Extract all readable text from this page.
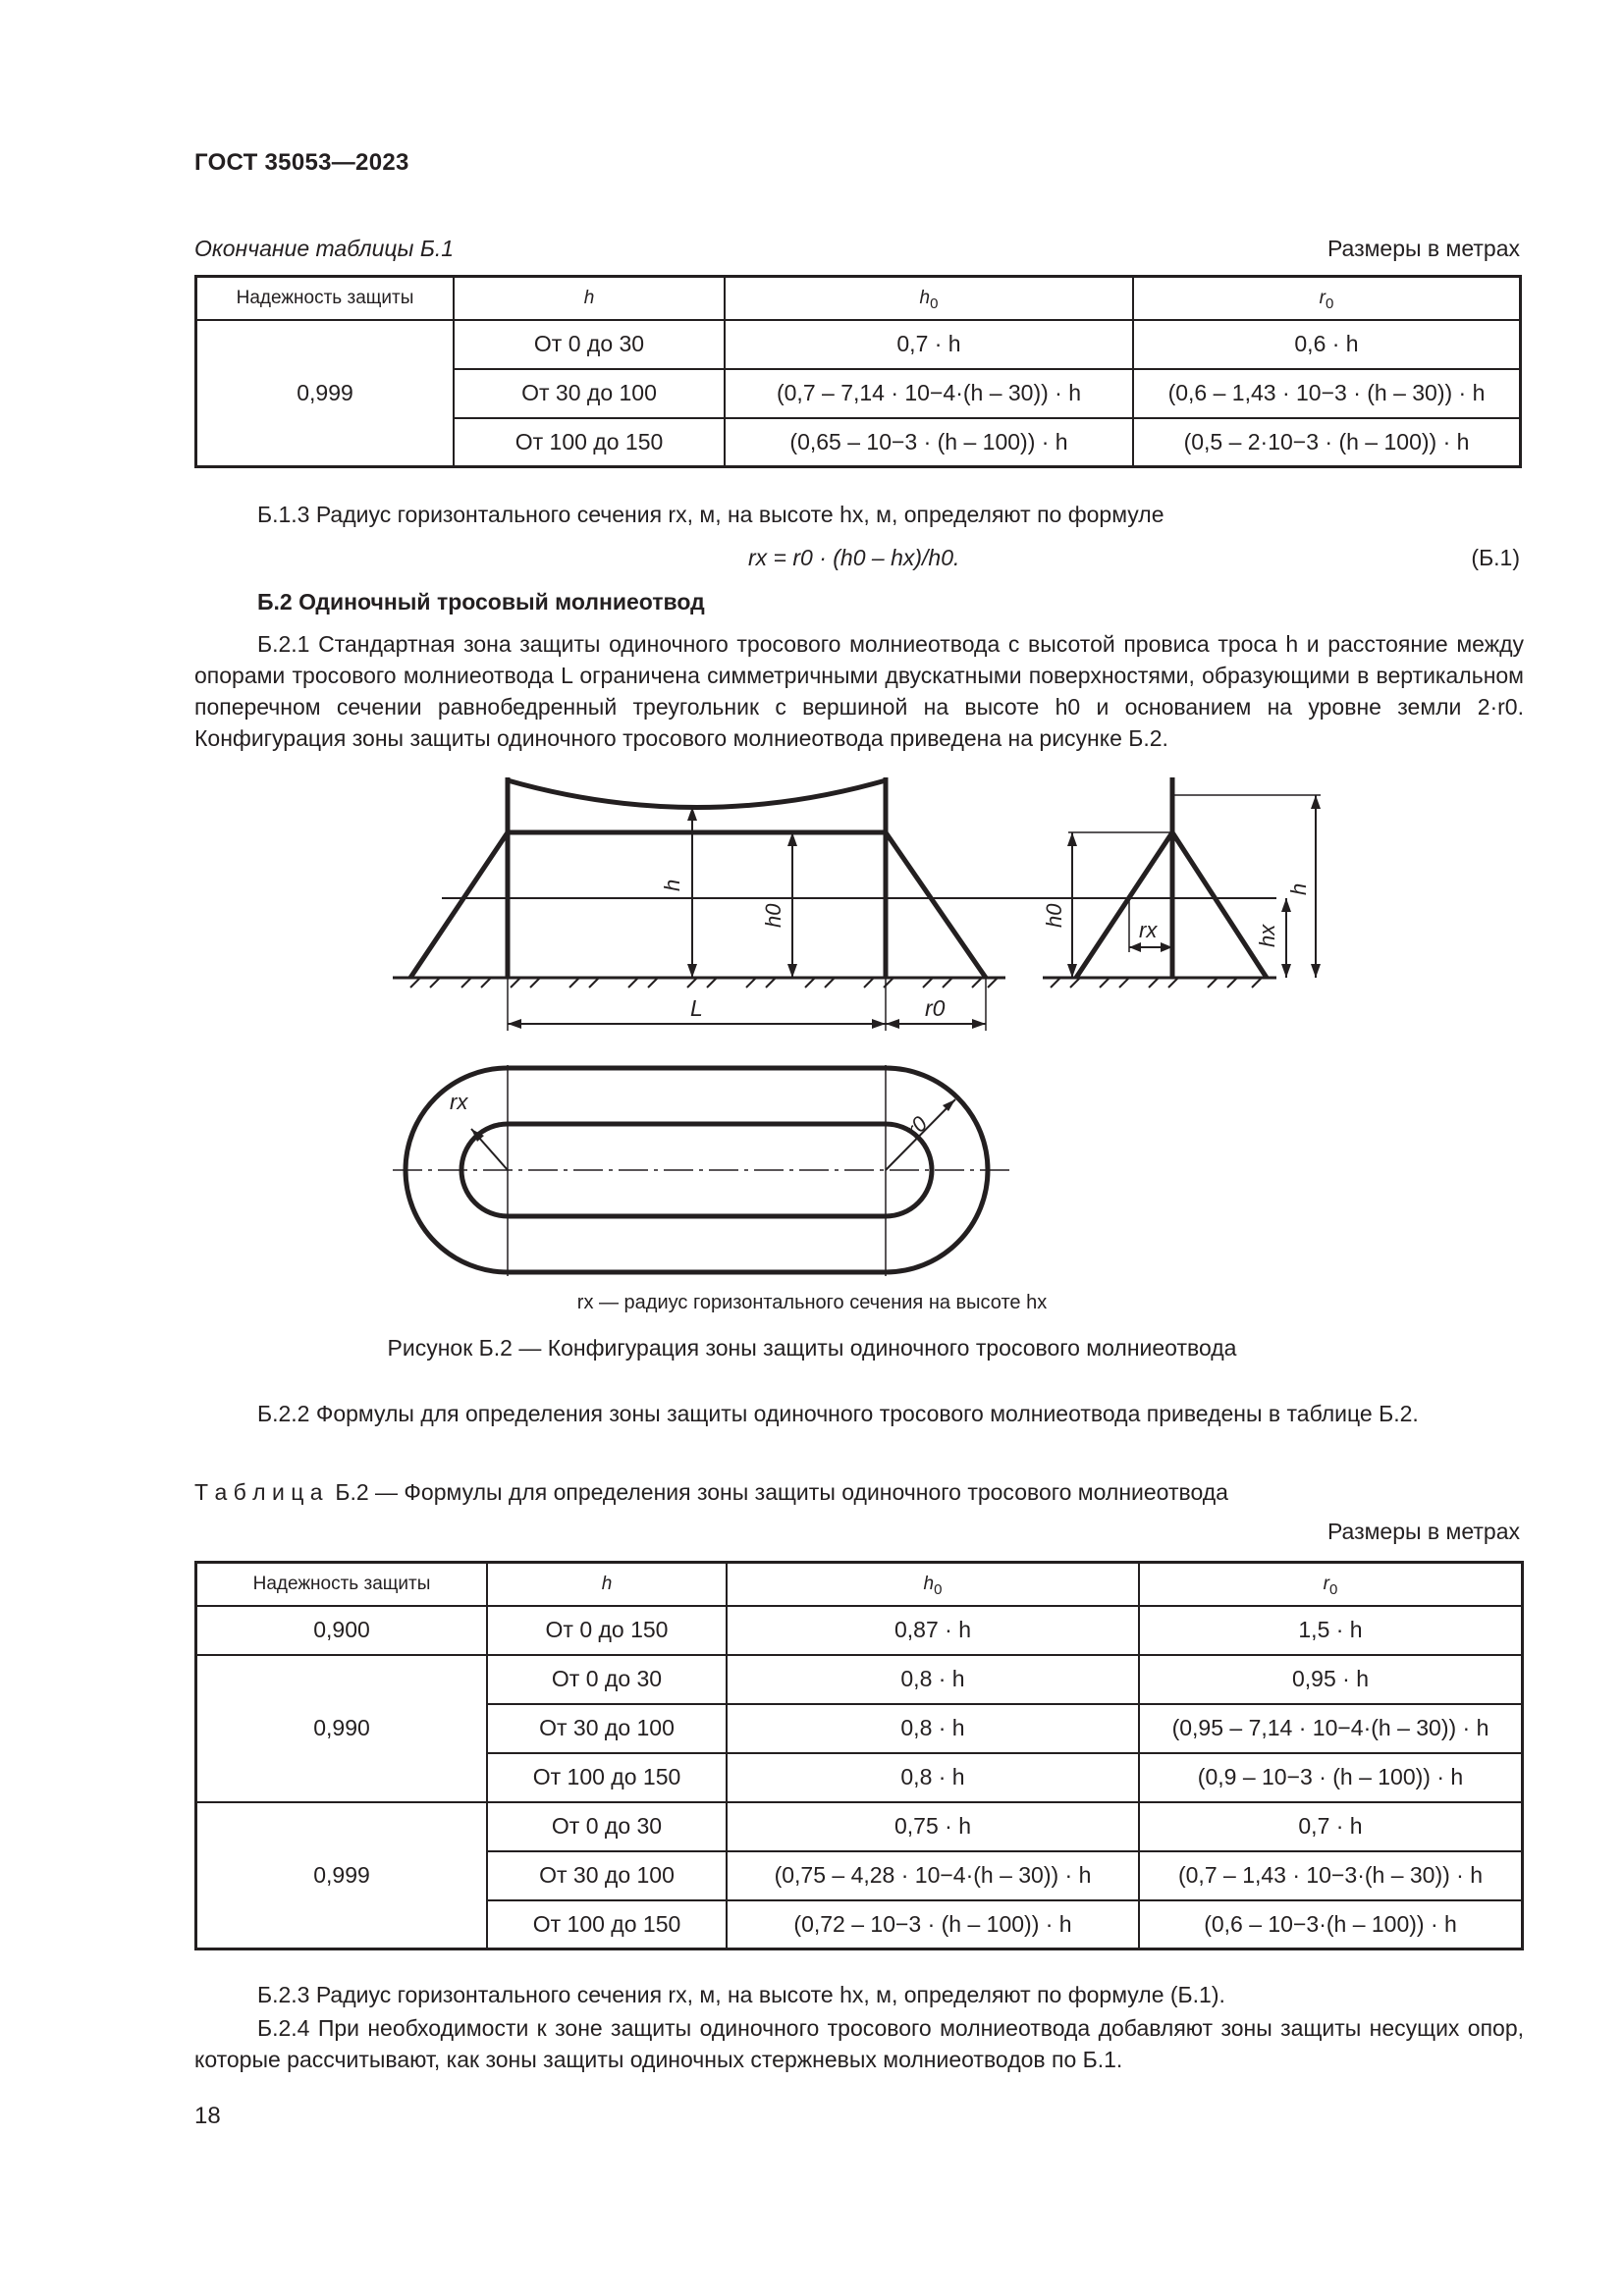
ГОСТ 35053—2023
Окончание таблицы Б.1	Размеры в метрах
Надежность защиты	h	$h_0$	$r_0$
0,999	От 0 до 30	0,7 · h	0,6 · h
	От 30 до 100	(0,7 – 7,14 · 10−4·(h – 30)) · h	(0,6 – 1,43 · 10−3 · (h – 30)) · h
	От 100 до 150	(0,65 – 10−3 · (h – 100)) · h	(0,5 – 2·10−3 · (h – 100)) · h
Б.1.3 Радиус горизонтального сечения rx, м, на высоте hx, м, определяют по формуле
rx = r0 · (h0 – hx)/h0.	(Б.1)
Б.2 Одиночный тросовый молниеотвод
Б.2.1 Стандартная зона защиты одиночного тросового молниеотвода с высотой провиса троса h и расстояние между опорами тросового молниеотвода L ограничена симметричными двускатными поверхностями, образующими в вертикальном поперечном сечении равнобедренный треугольник с вершиной на высоте h0 и основанием на уровне земли 2·r0. Конфигурация зоны защиты одиночного тросового молниеотвода приведена на рисунке Б.2.
h
h0
L	r0
h0
rx	hx
h
rx
r0
rx — радиус горизонтального сечения на высоте hx
Рисунок Б.2 — Конфигурация зоны защиты одиночного тросового молниеотвода
Б.2.2 Формулы для определения зоны защиты одиночного тросового молниеотвода приведены в таблице Б.2.
Т а б л и ц а Б.2 — Формулы для определения зоны защиты одиночного тросового молниеотвода
Размеры в метрах
Надежность защиты	h	$h_0$	$r_0$
0,900	От 0 до 150	0,87 · h	1,5 · h
0,990	От 0 до 30	0,8 · h	0,95 · h
	От 30 до 100	0,8 · h	(0,95 – 7,14 · 10−4·(h – 30)) · h
	От 100 до 150	0,8 · h	(0,9 – 10−3 · (h – 100)) · h
0,999	От 0 до 30	0,75 · h	0,7 · h
	От 30 до 100	(0,75 – 4,28 · 10−4·(h – 30)) · h	(0,7 – 1,43 · 10−3·(h – 30)) · h
	От 100 до 150	(0,72 – 10−3 · (h – 100)) · h	(0,6 – 10−3·(h – 100)) · h
Б.2.3 Радиус горизонтального сечения rx, м, на высоте hx, м, определяют по формуле (Б.1).
Б.2.4 При необходимости к зоне защиты одиночного тросового молниеотвода добавляют зоны защиты несущих опор, которые рассчитывают, как зоны защиты одиночных стержневых молниеотводов по Б.1.
18
